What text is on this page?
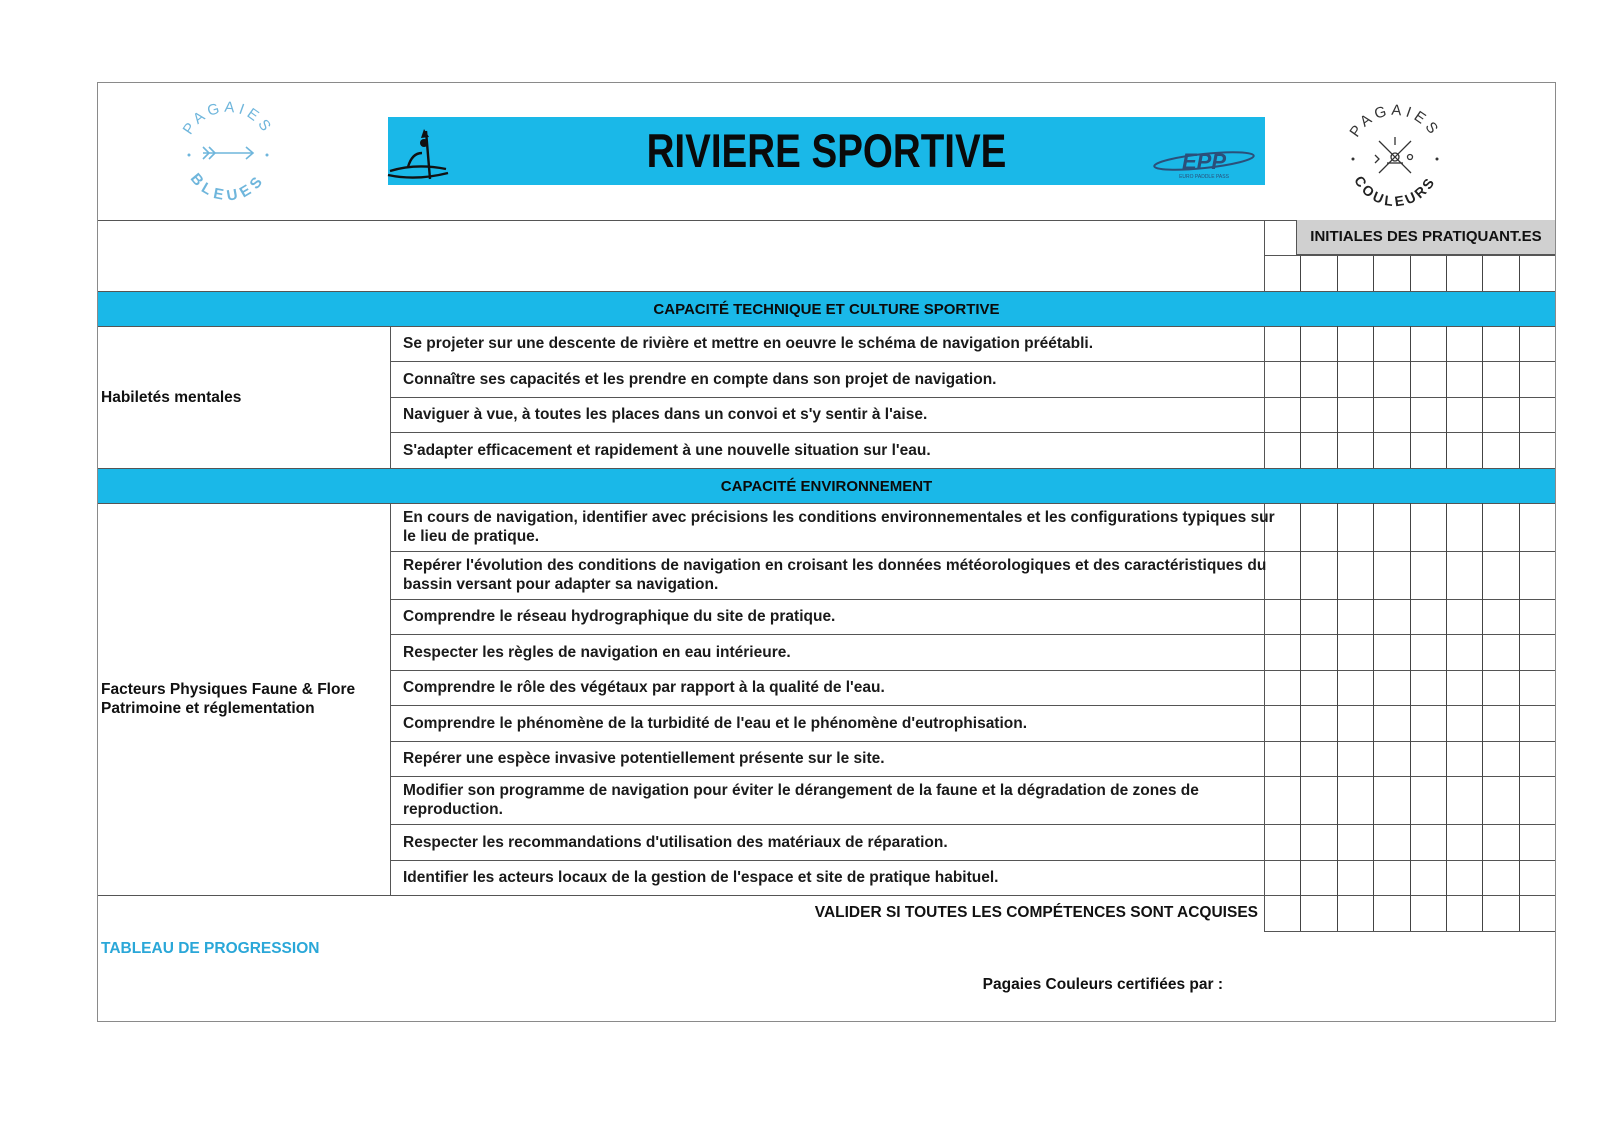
PAGAIES
BLEUES
RIVIERE SPORTIVE	EPP
EURO PADDLE PASS
PAGAIES
COULEURS
INITIALES DES PRATIQUANT.ES
CAPACITÉ TECHNIQUE ET CULTURE SPORTIVE
CAPACITÉ ENVIRONNEMENT
Habiletés mentales
Se projeter sur une descente de rivière et mettre en oeuvre le schéma de navigation préétabli.
Connaître ses capacités et les prendre en compte dans son projet de navigation.
Naviguer à vue, à toutes les places dans un convoi et s'y sentir à l'aise.
S'adapter efficacement et rapidement à une nouvelle situation sur l'eau.
Facteurs Physiques Faune & Flore
Patrimoine et réglementation
En cours de navigation, identifier avec précisions les conditions environnementales et les configurations typiques sur le lieu de pratique.
Repérer l'évolution des conditions de navigation en croisant les données météorologiques et des caractéristiques du bassin versant pour adapter sa navigation.
Comprendre le réseau hydrographique du site de pratique.
Respecter les règles de navigation en eau intérieure.
Comprendre le rôle des végétaux par rapport à la qualité de l'eau.
Comprendre le phénomène de la turbidité de l'eau et le phénomène d'eutrophisation.
Repérer une espèce invasive potentiellement présente sur le site.
Modifier son programme de navigation pour éviter le dérangement de la faune et la dégradation de zones de reproduction.
Respecter les recommandations d'utilisation des matériaux de réparation.
Identifier les acteurs locaux de la gestion de l'espace et site de pratique habituel.
VALIDER SI TOUTES LES COMPÉTENCES SONT ACQUISES
TABLEAU DE PROGRESSION
Pagaies Couleurs certifiées par :
